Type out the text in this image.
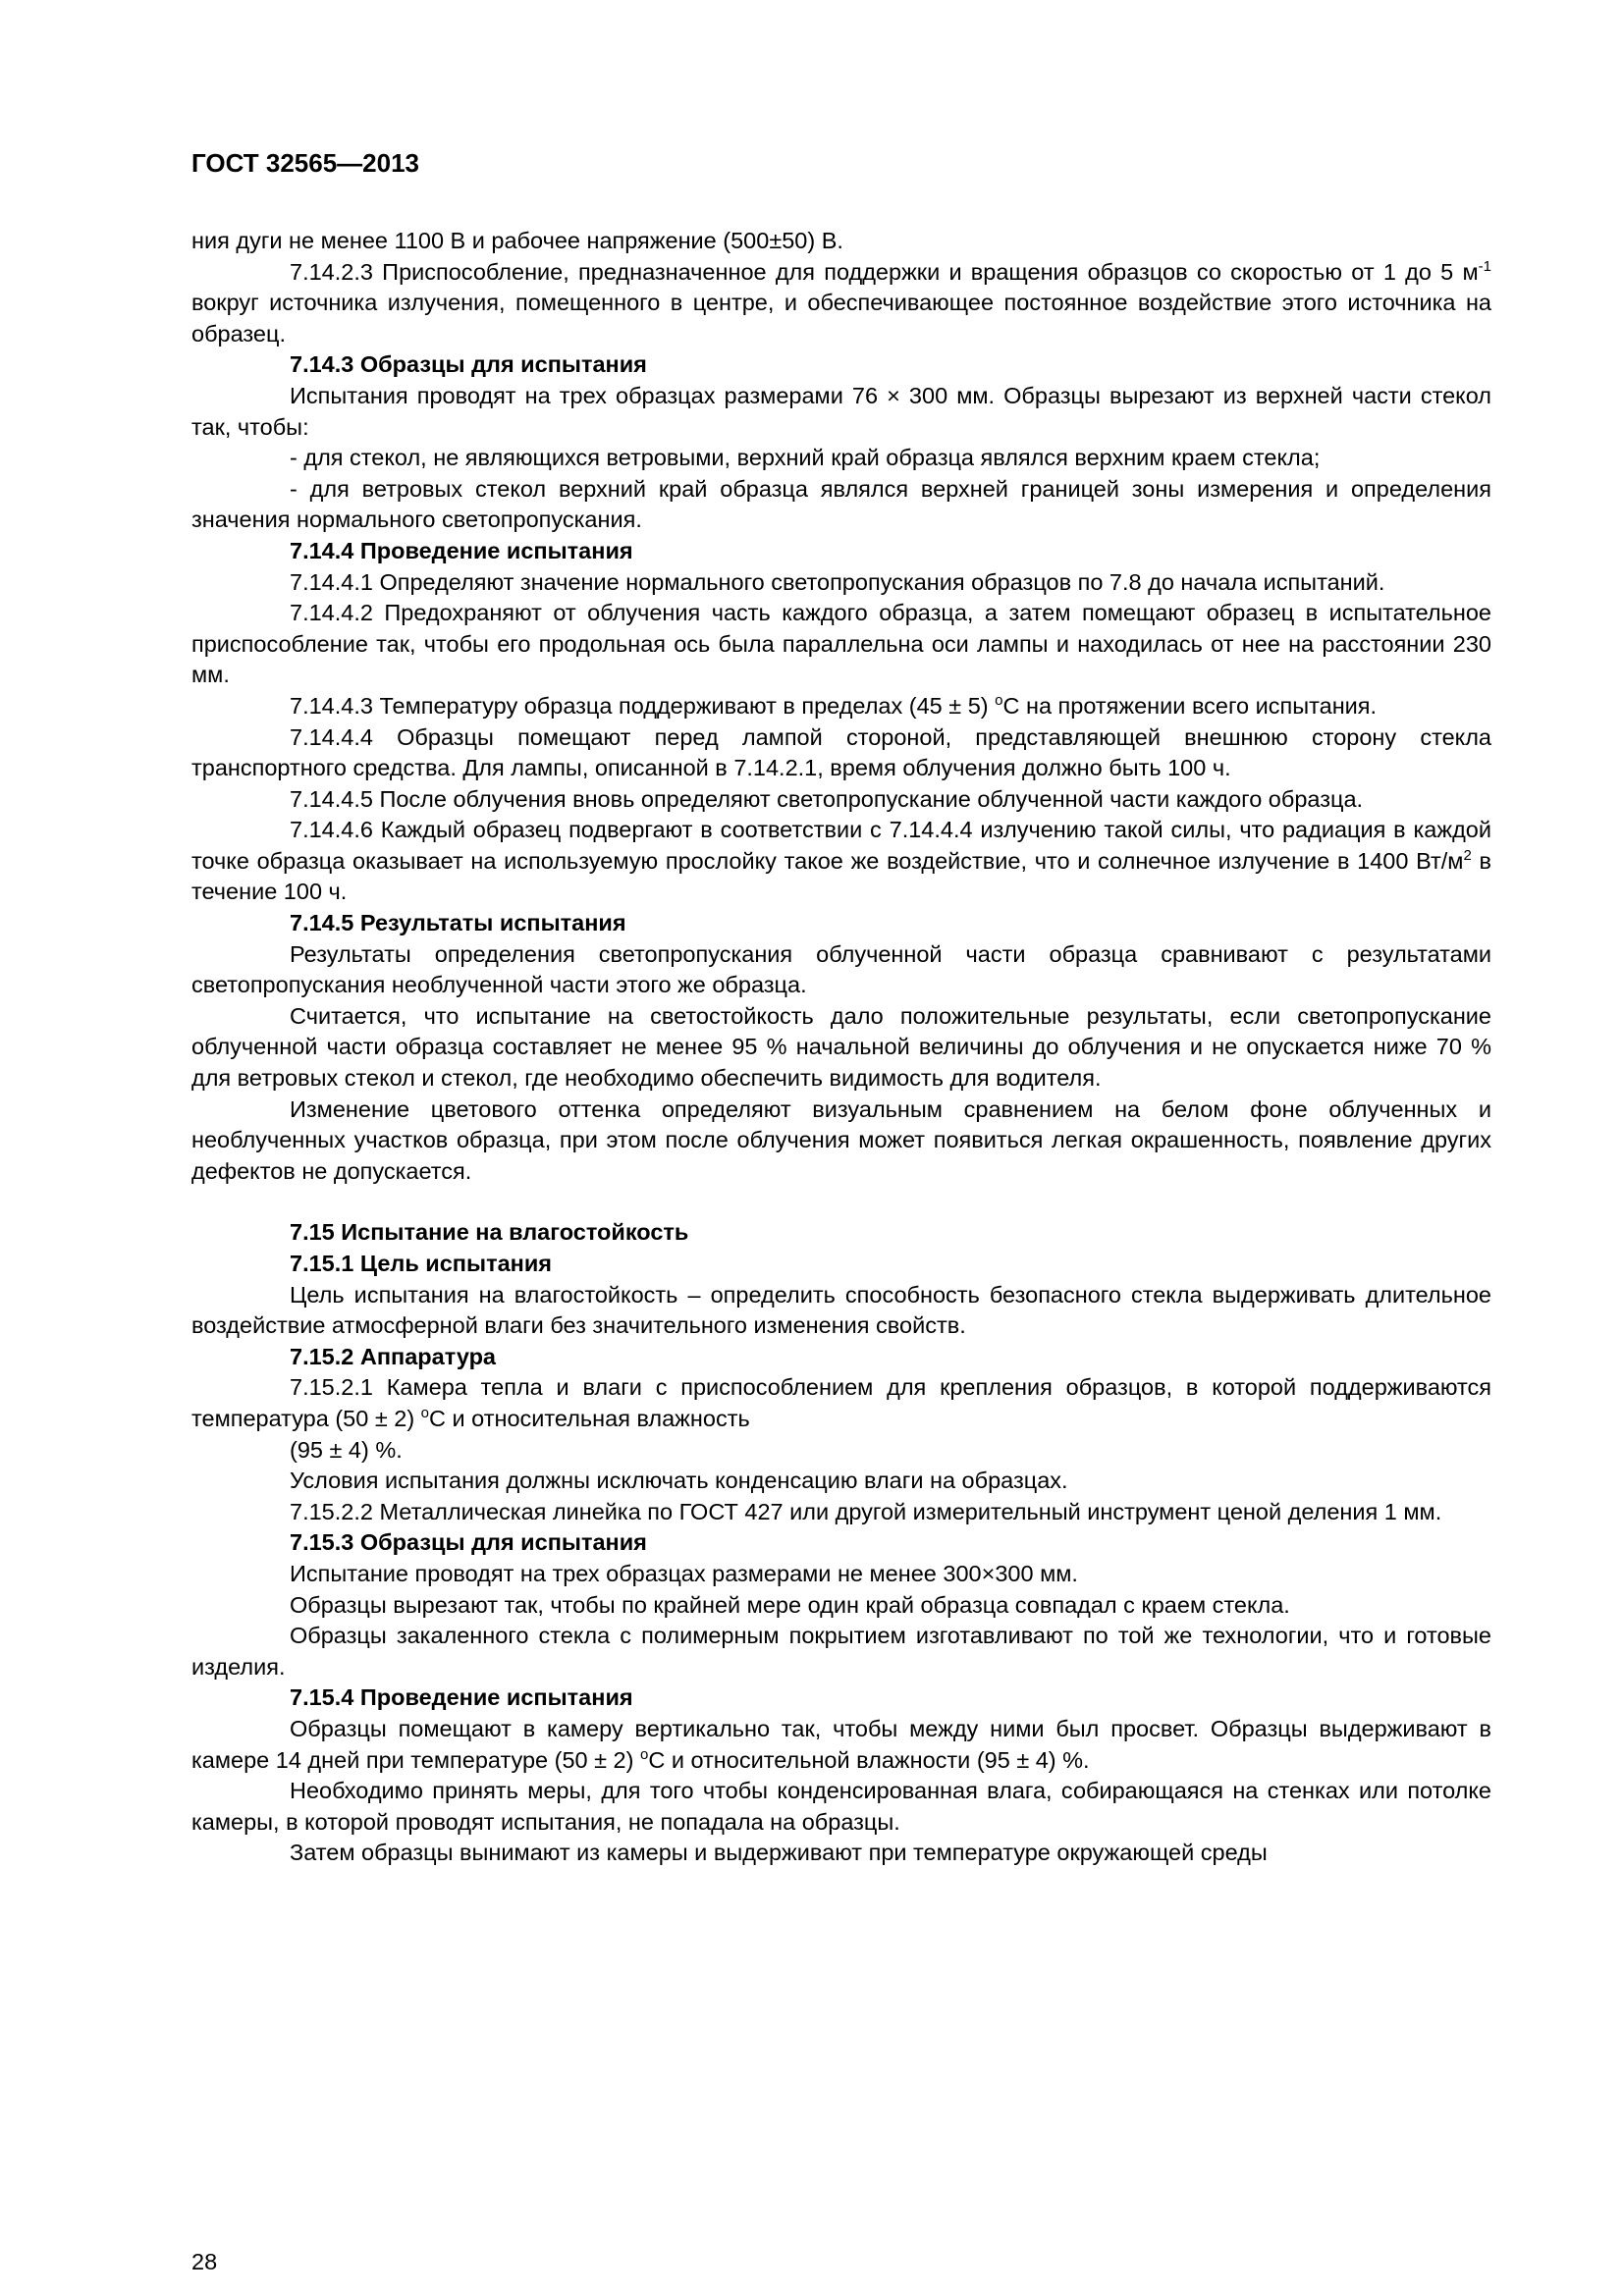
ГОСТ 32565—2013

ния дуги не менее 1100 В и рабочее напряжение (500±50) В.

7.14.2.3 Приспособление, предназначенное для поддержки и вращения образцов со скоростью от 1 до 5 $м^{-1}$ вокруг источника излучения, помещенного в центре, и обеспечивающее постоянное воздействие этого источника на образец.

7.14.3 Образцы для испытания

Испытания проводят на трех образцах размерами 76 × 300 мм. Образцы вырезают из верхней части стекол так, чтобы:

- для стекол, не являющихся ветровыми, верхний край образца являлся верхним краем стекла;

- для ветровых стекол верхний край образца являлся верхней границей зоны измерения и определения значения нормального светопропускания.

7.14.4 Проведение испытания

7.14.4.1 Определяют значение нормального светопропускания образцов по 7.8 до начала испытаний.

7.14.4.2 Предохраняют от облучения часть каждого образца, а затем помещают образец в испытательное приспособление так, чтобы его продольная ось была параллельна оси лампы и находилась от нее на расстоянии 230 мм.

7.14.4.3 Температуру образца поддерживают в пределах (45 ± 5) $^о$С на протяжении всего испытания.

7.14.4.4 Образцы помещают перед лампой стороной, представляющей внешнюю сторону стекла транспортного средства. Для лампы, описанной в 7.14.2.1, время облучения должно быть 100 ч.

7.14.4.5 После облучения вновь определяют светопропускание облученной части каждого образца.

7.14.4.6 Каждый образец подвергают в соответствии с 7.14.4.4 излучению такой силы, что радиация в каждой точке образца оказывает на используемую прослойку такое же воздействие, что и солнечное излучение в 1400 $Вт/м^2$ в течение 100 ч.

7.14.5 Результаты испытания

Результаты определения светопропускания облученной части образца сравнивают с результатами светопропускания необлученной части этого же образца.

Считается, что испытание на светостойкость дало положительные результаты, если светопропускание облученной части образца составляет не менее 95 % начальной величины до облучения и не опускается ниже 70 % для ветровых стекол и стекол, где необходимо обеспечить видимость для водителя.

Изменение цветового оттенка определяют визуальным сравнением на белом фоне облученных и необлученных участков образца, при этом после облучения может появиться легкая окрашенность, появление других дефектов не допускается.

7.15 Испытание на влагостойкость

7.15.1 Цель испытания

Цель испытания на влагостойкость – определить способность безопасного стекла выдерживать длительное воздействие атмосферной влаги без значительного изменения свойств.

7.15.2 Аппаратура

7.15.2.1 Камера тепла и влаги с приспособлением для крепления образцов, в которой поддерживаются температура (50 ± 2) $^о$С и относительная влажность

(95 ± 4) %.

Условия испытания должны исключать конденсацию влаги на образцах.

7.15.2.2 Металлическая линейка по ГОСТ 427 или другой измерительный инструмент ценой деления 1 мм.

7.15.3 Образцы для испытания

Испытание проводят на трех образцах размерами не менее 300×300 мм.

Образцы вырезают так, чтобы по крайней мере один край образца совпадал с краем стекла.

Образцы закаленного стекла с полимерным покрытием изготавливают по той же технологии, что и готовые изделия.

7.15.4 Проведение испытания

Образцы помещают в камеру вертикально так, чтобы между ними был просвет. Образцы выдерживают в камере 14 дней при температуре (50 ± 2) $^о$С и относительной влажности (95 ± 4) %.

Необходимо принять меры, для того чтобы конденсированная влага, собирающаяся на стенках или потолке камеры, в которой проводят испытания, не попадала на образцы.

Затем образцы вынимают из камеры и выдерживают при температуре окружающей среды

28
